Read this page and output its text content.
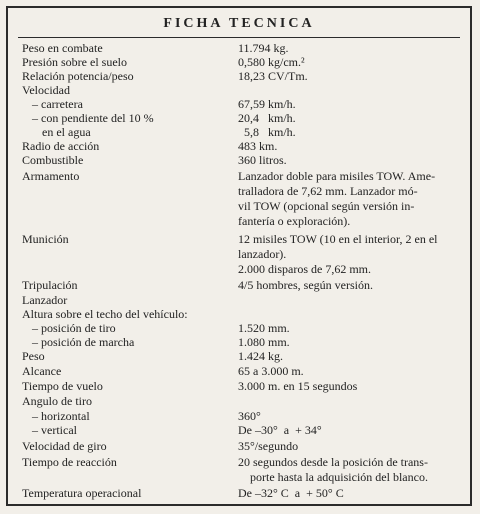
FICHA TECNICA
Peso en combate	11.794 kg.
Presión sobre el suelo	0,580 kg/cm.²
Relación potencia/peso	18,23 CV/Tm.
Velocidad
– carretera	67,59 km/h.
– con pendiente del 10 %	20,4   km/h.
en el agua	5,8   km/h.
Radio de acción	483 km.
Combustible	360 litros.
Armamento	Lanzador doble para misiles TOW. Ame-
tralladora de 7,62 mm. Lanzador mó-
vil TOW (opcional según versión in-
fantería o exploración).
Munición	12 misiles TOW (10 en el interior, 2 en el
lanzador).
2.000 disparos de 7,62 mm.
Tripulación	4/5 hombres, según versión.
Lanzador
Altura sobre el techo del vehículo:
– posición de tiro	1.520 mm.
– posición de marcha	1.080 mm.
Peso	1.424 kg.
Alcance	65 a 3.000 m.
Tiempo de vuelo	3.000 m. en 15 segundos
Angulo de tiro
– horizontal	360°
– vertical	De –30°  a  + 34°
Velocidad de giro	35°/segundo
Tiempo de reacción	20 segundos desde la posición de trans-
porte hasta la adquisición del blanco.
Temperatura operacional	De –32° C  a  + 50° C
